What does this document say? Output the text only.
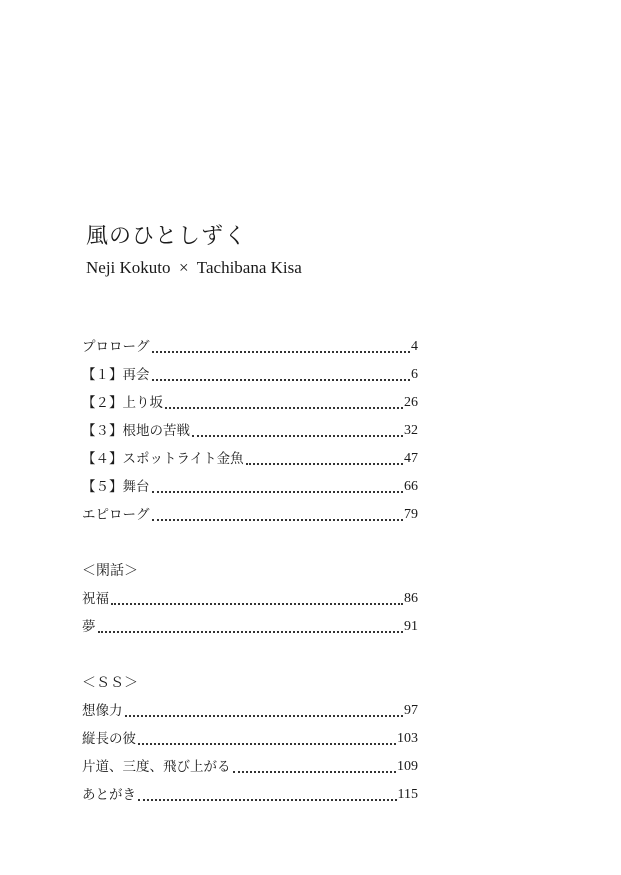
風のひとしずく
Neji Kokuto  ×  Tachibana Kisa
プロローグ	4
【１】再会	6
【２】上り坂	26
【３】根地の苦戦	32
【４】スポットライト金魚	47
【５】舞台	66
エピローグ	79
＜閑話＞
祝福	86
夢	91
＜ＳＳ＞
想像力	97
縦長の彼	103
片道、三度、飛び上がる	109
あとがき	115
